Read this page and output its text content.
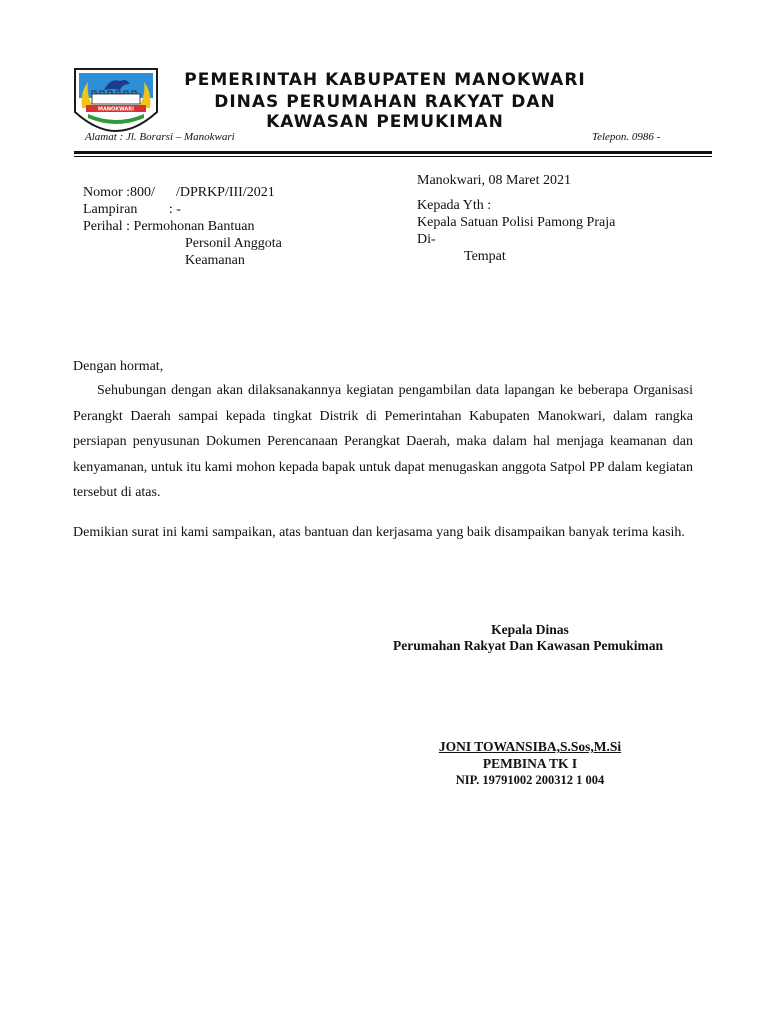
MANOKWARI
PEMERINTAH KABUPATEN MANOKWARI
DINAS PERUMAHAN RAKYAT DAN
KAWASAN PEMUKIMAN
Alamat : Jl. Borarsi – Manokwari	Telepon. 0986 -
Nomor :800/      /DPRKP/III/2021
Lampiran         : -
Perihal : Permohonan Bantuan
Personil Anggota
Keamanan
Manokwari, 08 Maret 2021
Kepada Yth :
Kepala Satuan Polisi Pamong Praja
Di-
Tempat
Dengan hormat,
Sehubungan dengan akan dilaksanakannya kegiatan pengambilan data lapangan ke beberapa Organisasi Perangkt Daerah sampai kepada tingkat Distrik di Pemerintahan Kabupaten Manokwari, dalam rangka persiapan penyusunan Dokumen Perencanaan Perangkat Daerah, maka dalam hal menjaga keamanan dan kenyamanan, untuk itu kami mohon kepada bapak untuk dapat menugaskan anggota Satpol PP dalam kegiatan tersebut di atas.
Demikian surat ini kami sampaikan, atas bantuan dan kerjasama yang baik disampaikan banyak terima kasih.
Kepala Dinas
Perumahan Rakyat Dan Kawasan Pemukiman
JONI TOWANSIBA,S.Sos,M.Si
PEMBINA TK I
NIP. 19791002 200312 1 004
